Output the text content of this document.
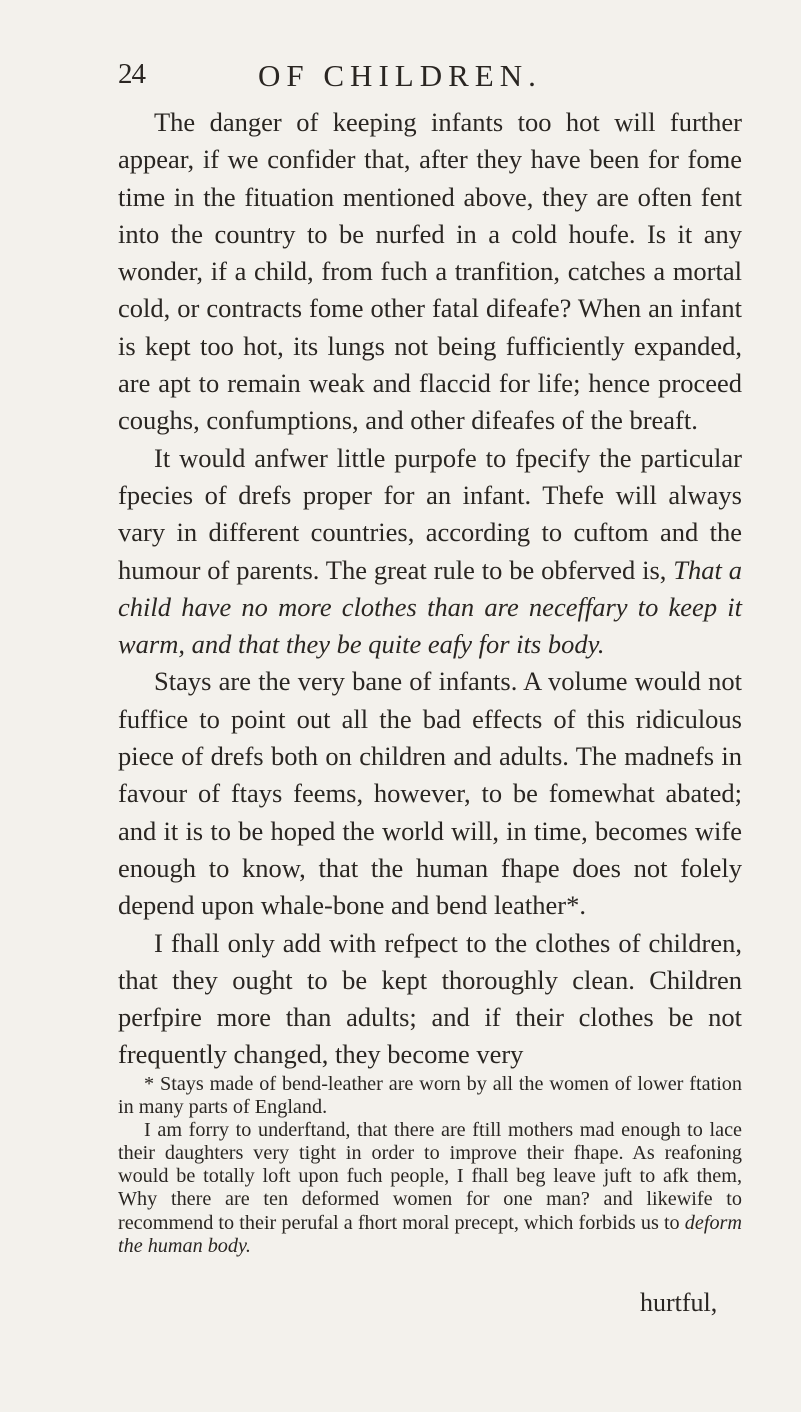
24	OF CHILDREN.

The danger of keeping infants too hot will further appear, if we confider that, after they have been for fome time in the fituation mentioned above, they are often fent into the country to be nurfed in a cold houfe. Is it any wonder, if a child, from fuch a tranfition, catches a mortal cold, or contracts fome other fatal difeafe? When an infant is kept too hot, its lungs not being fufficiently expanded, are apt to remain weak and flaccid for life; hence proceed coughs, confumptions, and other difeafes of the breaft.

It would anfwer little purpofe to fpecify the particular fpecies of drefs proper for an infant. Thefe will always vary in different countries, according to cuftom and the humour of parents. The great rule to be obferved is, That a child have no more clothes than are neceffary to keep it warm, and that they be quite eafy for its body.

Stays are the very bane of infants. A volume would not fuffice to point out all the bad effects of this ridiculous piece of drefs both on children and adults. The madnefs in favour of ftays feems, however, to be fomewhat abated; and it is to be hoped the world will, in time, becomes wife enough to know, that the human fhape does not folely depend upon whale-bone and bend leather*.

I fhall only add with refpect to the clothes of children, that they ought to be kept thoroughly clean. Children perfpire more than adults; and if their clothes be not frequently changed, they become very

* Stays made of bend-leather are worn by all the women of lower ftation in many parts of England.

I am forry to underftand, that there are ftill mothers mad enough to lace their daughters very tight in order to improve their fhape. As reafoning would be totally loft upon fuch people, I fhall beg leave juft to afk them, Why there are ten deformed women for one man? and likewife to recommend to their perufal a fhort moral precept, which forbids us to deform the human body.

hurtful,
